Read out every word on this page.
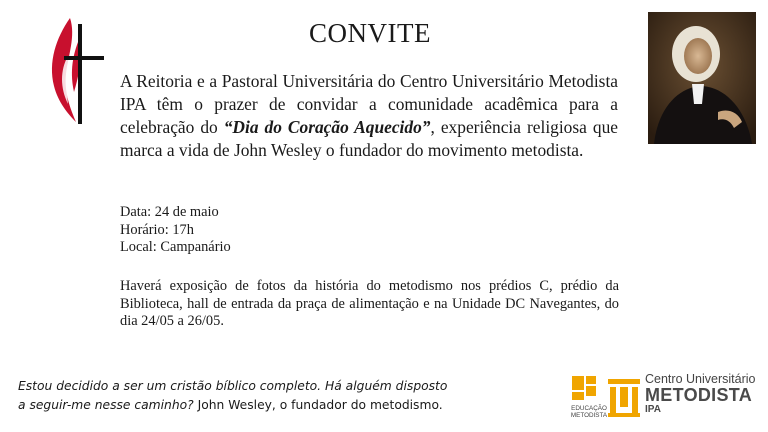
CONVITE
A Reitoria e a Pastoral Universitária do Centro Universitário Metodista IPA têm o prazer de convidar a comunidade acadêmica para a celebração do “Dia do Coração Aquecido”, experiência religiosa que marca a vida de John Wesley o fundador do movimento metodista.
Data: 24 de maio
Horário: 17h
Local: Campanário
Haverá exposição de fotos da história do metodismo nos prédios C, prédio da Biblioteca, hall de entrada da praça de alimentação e na Unidade DC Navegantes, do dia 24/05 a 26/05.
Estou decidido a ser um cristão bíblico completo. Há alguém disposto a seguir-me nesse caminho? John Wesley, o fundador do metodismo.	EDUCAÇÃO
METODISTA
Centro Universitário
METODISTA
IPA
